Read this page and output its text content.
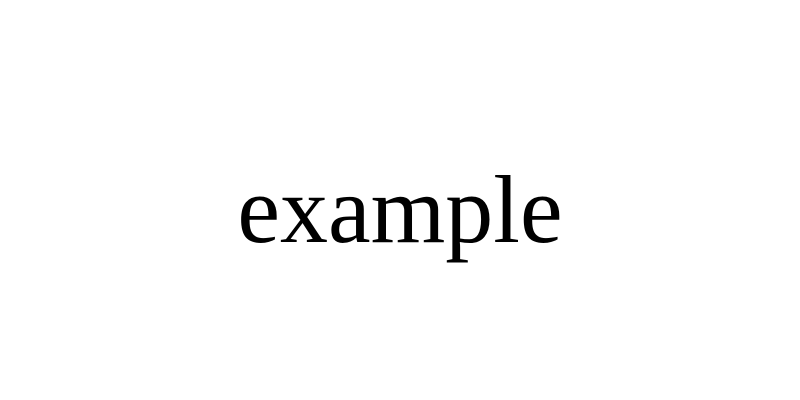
example
